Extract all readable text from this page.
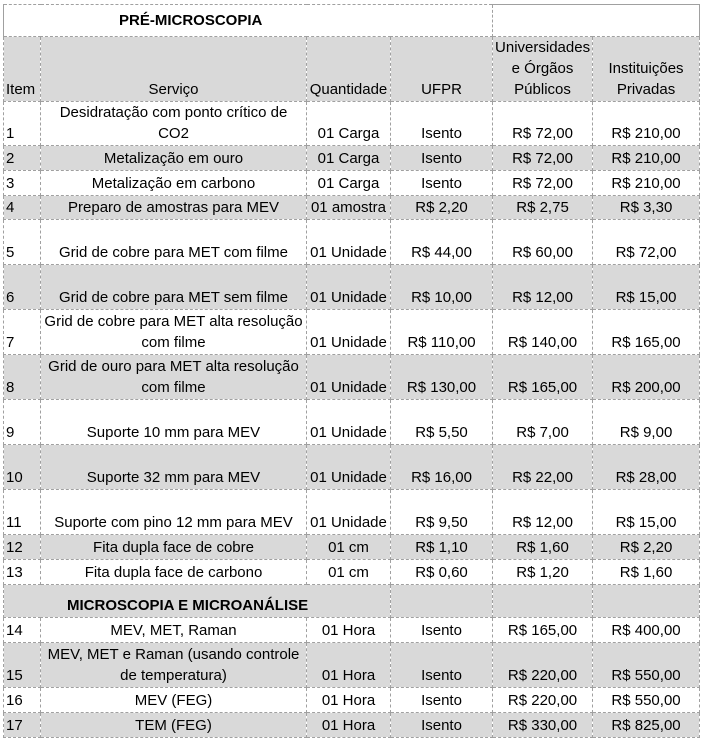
PRÉ-MICROSCOPIA					
Item	Serviço	Quantidade	UFPR	Universidades e Órgãos Públicos	Instituições Privadas
1	Desidratação com ponto crítico de CO2	01 Carga	Isento	R$ 72,00	R$ 210,00
2	Metalização em ouro	01 Carga	Isento	R$ 72,00	R$ 210,00
3	Metalização em carbono	01 Carga	Isento	R$ 72,00	R$ 210,00
4	Preparo de amostras para MEV	01 amostra	R$ 2,20	R$ 2,75	R$ 3,30
5	Grid de cobre para MET com filme	01 Unidade	R$ 44,00	R$ 60,00	R$ 72,00
6	Grid de cobre para MET sem filme	01 Unidade	R$ 10,00	R$ 12,00	R$ 15,00
7	Grid de cobre para MET alta resolução com filme	01 Unidade	R$ 110,00	R$ 140,00	R$ 165,00
8	Grid de ouro para MET alta resolução com filme	01 Unidade	R$ 130,00	R$ 165,00	R$ 200,00
9	Suporte 10 mm para MEV	01 Unidade	R$ 5,50	R$ 7,00	R$ 9,00
10	Suporte 32 mm para MEV	01 Unidade	R$ 16,00	R$ 22,00	R$ 28,00
11	Suporte com pino 12 mm para MEV	01 Unidade	R$ 9,50	R$ 12,00	R$ 15,00
12	Fita dupla face de cobre	01 cm	R$ 1,10	R$ 1,60	R$ 2,20
13	Fita dupla face de carbono	01 cm	R$ 0,60	R$ 1,20	R$ 1,60
MICROSCOPIA E MICROANÁLISE					
14	MEV, MET, Raman	01 Hora	Isento	R$ 165,00	R$ 400,00
15	MEV, MET e Raman (usando controle de temperatura)	01 Hora	Isento	R$ 220,00	R$ 550,00
16	MEV (FEG)	01 Hora	Isento	R$ 220,00	R$ 550,00
17	TEM (FEG)	01 Hora	Isento	R$ 330,00	R$ 825,00
